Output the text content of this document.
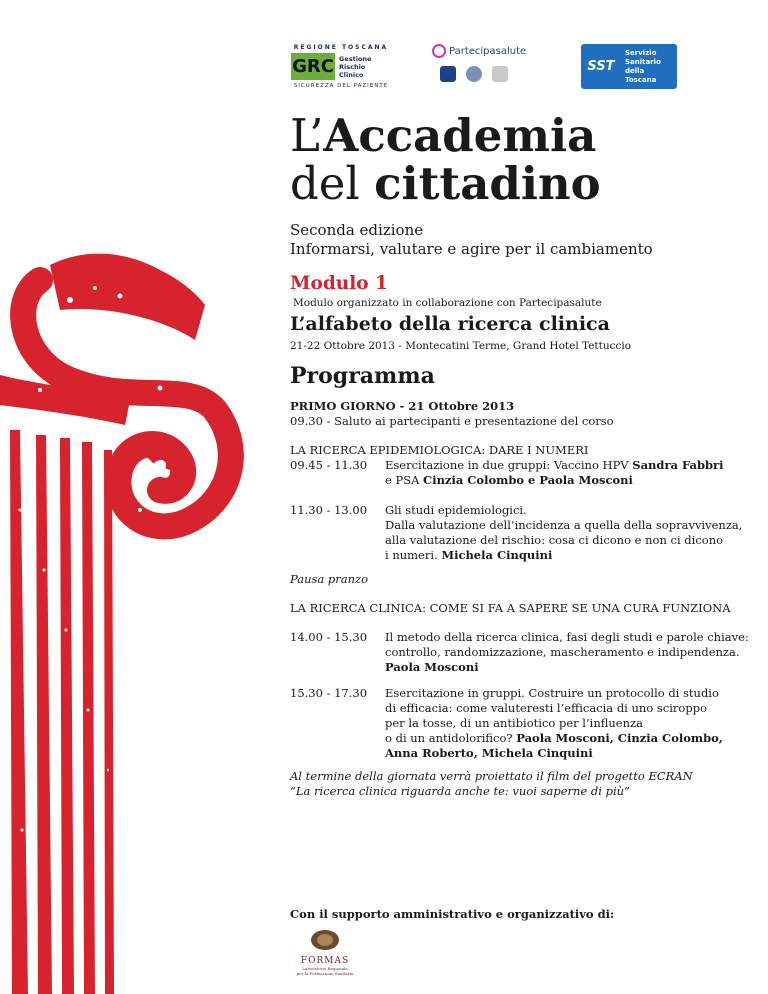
REGIONE TOSCANA
GRC Gestione
Rischio
Clinico
SICUREZZA DEL PAZIENTE
Partecipasalute
SST
Servizio
Sanitario
della
Toscana
L’Accademia
del cittadino
Seconda edizione
Informarsi, valutare e agire per il cambiamento
Modulo 1
Modulo organizzato in collaborazione con Partecipasalute
L’alfabeto della ricerca clinica
21-22 Ottobre 2013 - Montecatini Terme, Grand Hotel Tettuccio
Programma
PRIMO GIORNO - 21 Ottobre 2013
09.30 - Saluto ai partecipanti e presentazione del corso
LA RICERCA EPIDEMIOLOGICA: DARE I NUMERI
09.45 - 11.30	Esercitazione in due gruppi: Vaccino HPV Sandra Fabbri
e PSA Cinzia Colombo e Paola Mosconi
11.30 - 13.00	Gli studi epidemiologici.
Dalla valutazione dell’incidenza a quella della sopravvivenza,
alla valutazione del rischio: cosa ci dicono e non ci dicono
i numeri. Michela Cinquini
Pausa pranzo
LA RICERCA CLINICA: COME SI FA A SAPERE SE UNA CURA FUNZIONA
14.00 - 15.30	Il metodo della ricerca clinica, fasi degli studi e parole chiave:
controllo, randomizzazione, mascheramento e indipendenza.
Paola Mosconi
15.30 - 17.30	Esercitazione in gruppi. Costruire un protocollo di studio
di efficacia: come valuteresti l’efficacia di uno sciroppo
per la tosse, di un antibiotico per l’influenza
o di un antidolorifico? Paola Mosconi, Cinzia Colombo,
Anna Roberto, Michela Cinquini
Al termine della giornata verrà proiettato il film del progetto ECRAN
“La ricerca clinica riguarda anche te: vuoi saperne di più”
Con il supporto amministrativo e organizzativo di:
FORMAS
Laboratorio Regionale
per la Formazione Sanitaria
